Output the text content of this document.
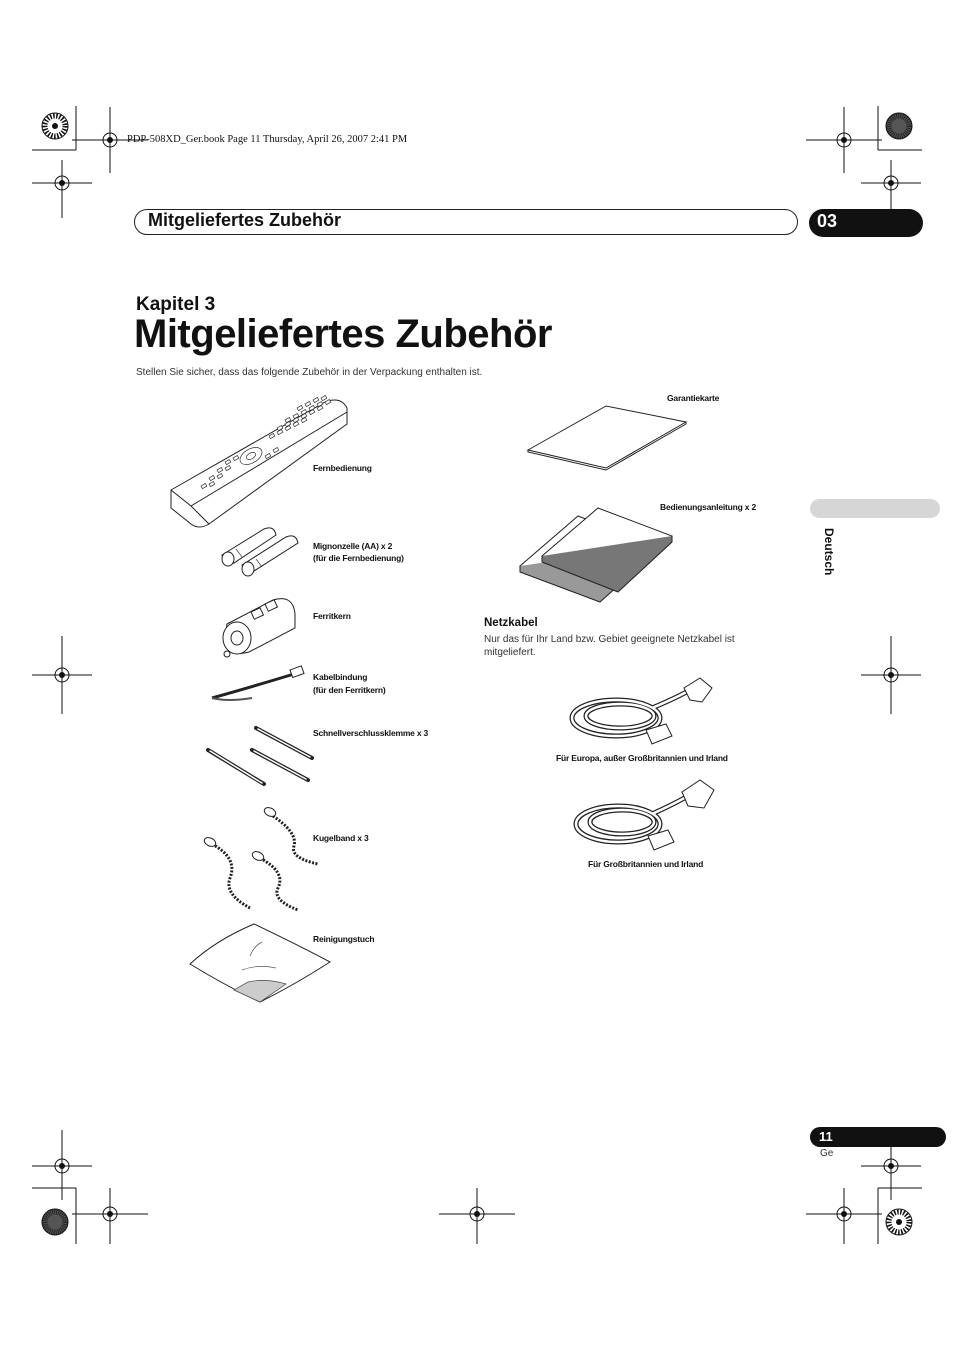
PDP-508XD_Ger.book Page 11 Thursday, April 26, 2007 2:41 PM
Mitgeliefertes Zubehör	03
Kapitel 3
Mitgeliefertes Zubehör
Stellen Sie sicher, dass das folgende Zubehör in der Verpackung enthalten ist.
Deutsch
Fernbedienung
Mignonzelle (AA) x 2
(für die Fernbedienung)
Ferritkern
Kabelbindung
(für den Ferritkern)
Schnellverschlussklemme x 3
Kugelband x 3
Reinigungstuch
Garantiekarte
Bedienungsanleitung x 2
Netzkabel
Nur das für Ihr Land bzw. Gebiet geeignete Netzkabel ist mitgeliefert.
Für Europa, außer Großbritannien und Irland
Für Großbritannien und Irland
11
Ge
